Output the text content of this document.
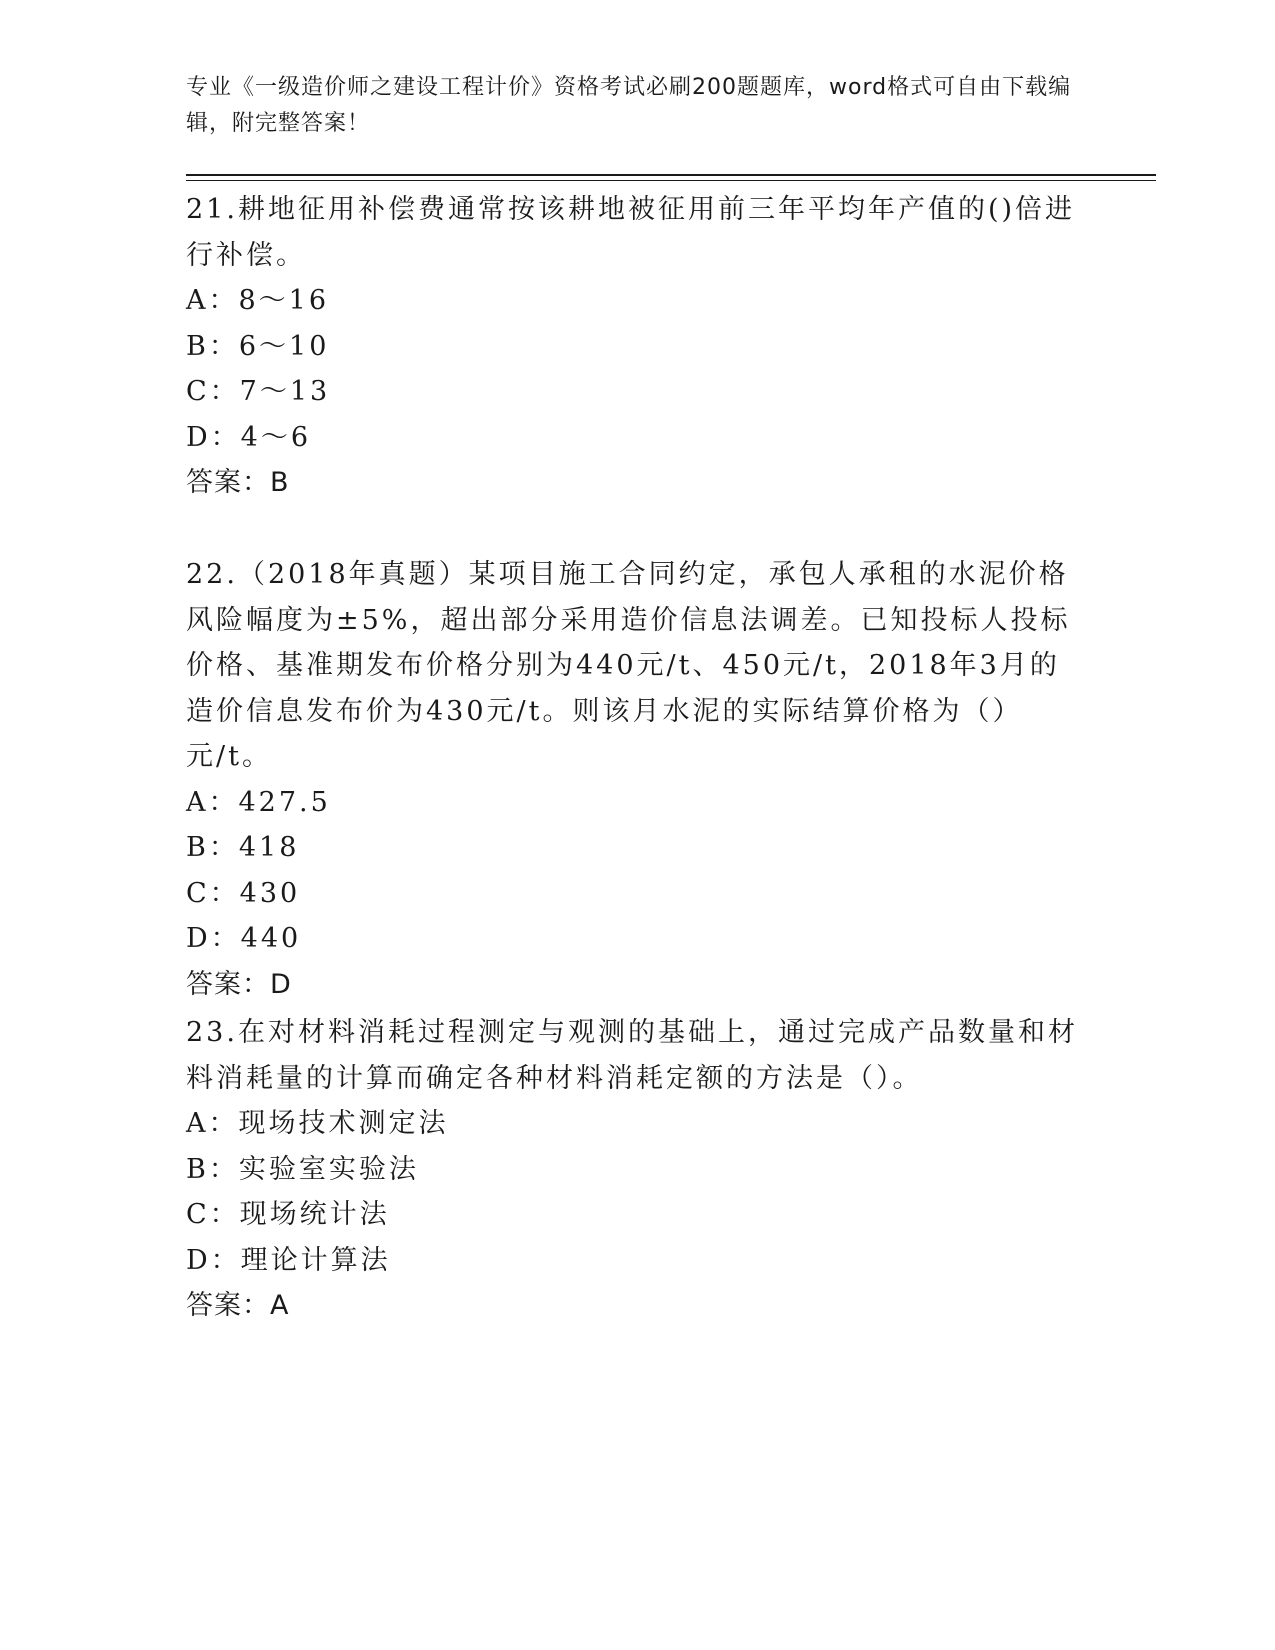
专业《一级造价师之建设工程计价》资格考试必刷200题题库，word格式可自由下载编辑，附完整答案！

21.耕地征用补偿费通常按该耕地被征用前三年平均年产值的()倍进行补偿。

A：8～16

B：6～10

C：7～13

D：4～6

答案：B

22.（2018年真题）某项目施工合同约定，承包人承租的水泥价格风险幅度为±5%，超出部分采用造价信息法调差。已知投标人投标价格、基准期发布价格分别为440元/t、450元/t，2018年3月的造价信息发布价为430元/t。则该月水泥的实际结算价格为（）元/t。

A：427.5

B：418

C：430

D：440

答案：D

23.在对材料消耗过程测定与观测的基础上，通过完成产品数量和材料消耗量的计算而确定各种材料消耗定额的方法是（）。

A：现场技术测定法

B：实验室实验法

C：现场统计法

D：理论计算法

答案：A
